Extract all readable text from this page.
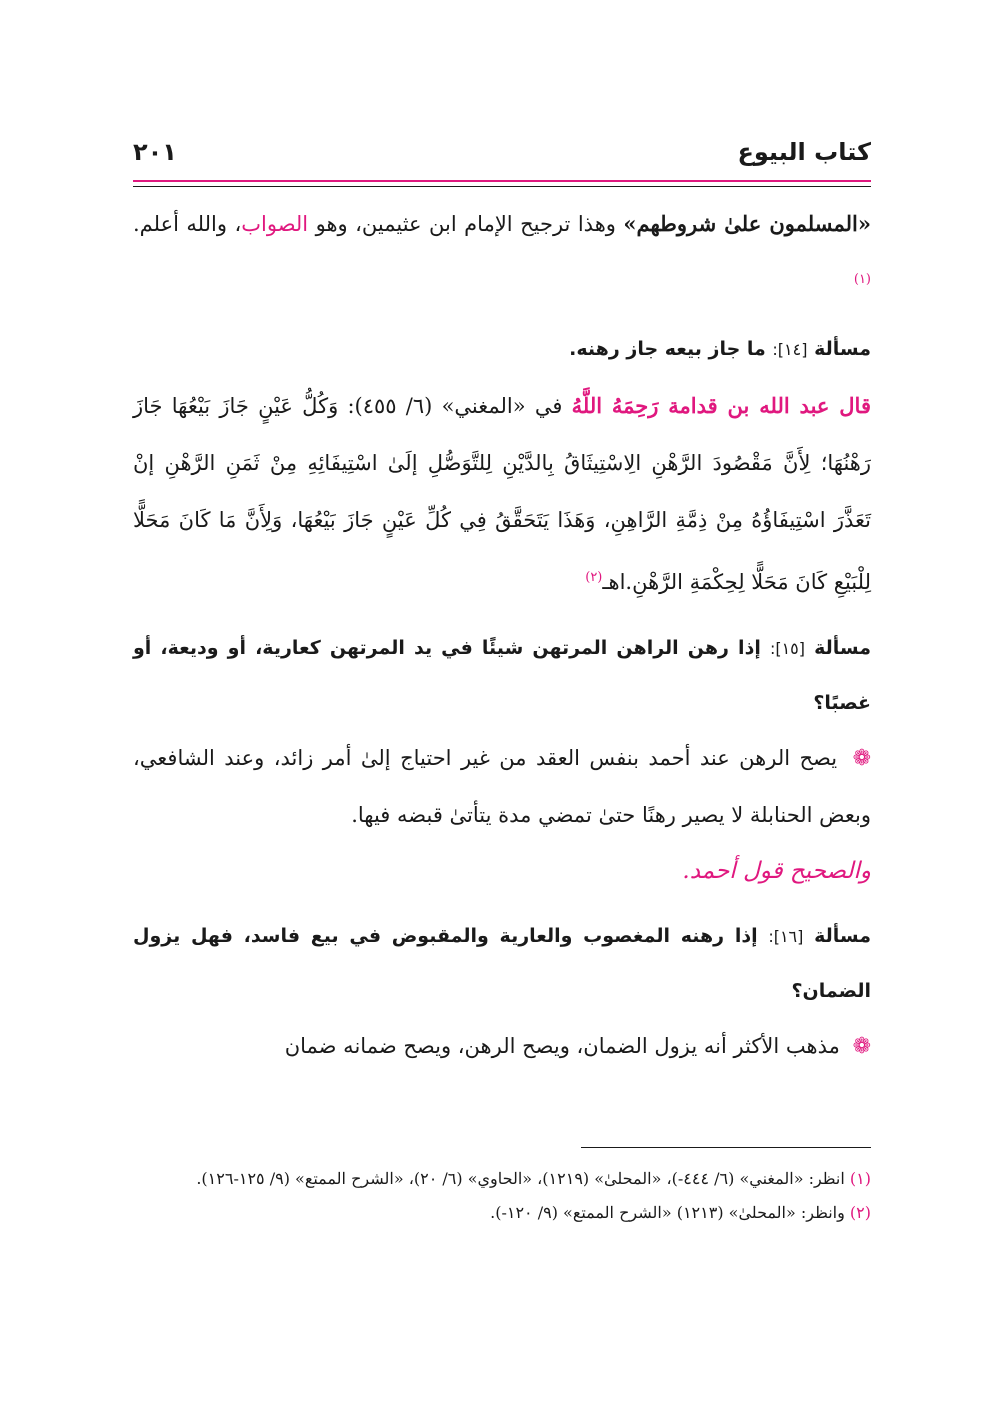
كتاب البيوع
٢٠١

«المسلمون علىٰ شروطهم» وهذا ترجيح الإمام ابن عثيمين، وهو الصواب، والله أعلم.$^{(١)}$

مسألة [١٤]: ما جاز بيعه جاز رهنه.

قال عبد الله بن قدامة رَحِمَهُ اللَّهُ في «المغني» (٦/ ٤٥٥): وَكُلُّ عَيْنٍ جَازَ بَيْعُهَا جَازَ رَهْنُهَا؛ لِأَنَّ مَقْصُودَ الرَّهْنِ الِاسْتِيثَاقُ بِالدَّيْنِ لِلتَّوَصُّلِ إلَىٰ اسْتِيفَائِهِ مِنْ ثَمَنِ الرَّهْنِ إنْ تَعَذَّرَ اسْتِيفَاؤُهُ مِنْ ذِمَّةِ الرَّاهِنِ، وَهَذَا يَتَحَقَّقُ فِي كُلِّ عَيْنٍ جَازَ بَيْعُهَا، وَلِأَنَّ مَا كَانَ مَحَلًّا لِلْبَيْعِ كَانَ مَحَلًّا لِحِكْمَةِ الرَّهْنِ.اهـ$^{(٢)}$

مسألة [١٥]: إذا رهن الراهن المرتهن شيئًا في يد المرتهن كعارية، أو وديعة، أو غصبًا؟

❁ يصح الرهن عند أحمد بنفس العقد من غير احتياج إلىٰ أمر زائد، وعند الشافعي، وبعض الحنابلة لا يصير رهنًا حتىٰ تمضي مدة يتأتىٰ قبضه فيها.

والصحيح قول أحمد.

مسألة [١٦]: إذا رهنه المغصوب والعارية والمقبوض في بيع فاسد، فهل يزول الضمان؟

❁ مذهب الأكثر أنه يزول الضمان، ويصح الرهن، ويصح ضمانه ضمان

(١) انظر: «المغني» (٦/ ٤٤٤-)، «المحلىٰ» (١٢١٩)، «الحاوي» (٦/ ٢٠)، «الشرح الممتع» (٩/ ١٢٥-١٢٦).

(٢) وانظر: «المحلىٰ» (١٢١٣) «الشرح الممتع» (٩/ ١٢٠-).
